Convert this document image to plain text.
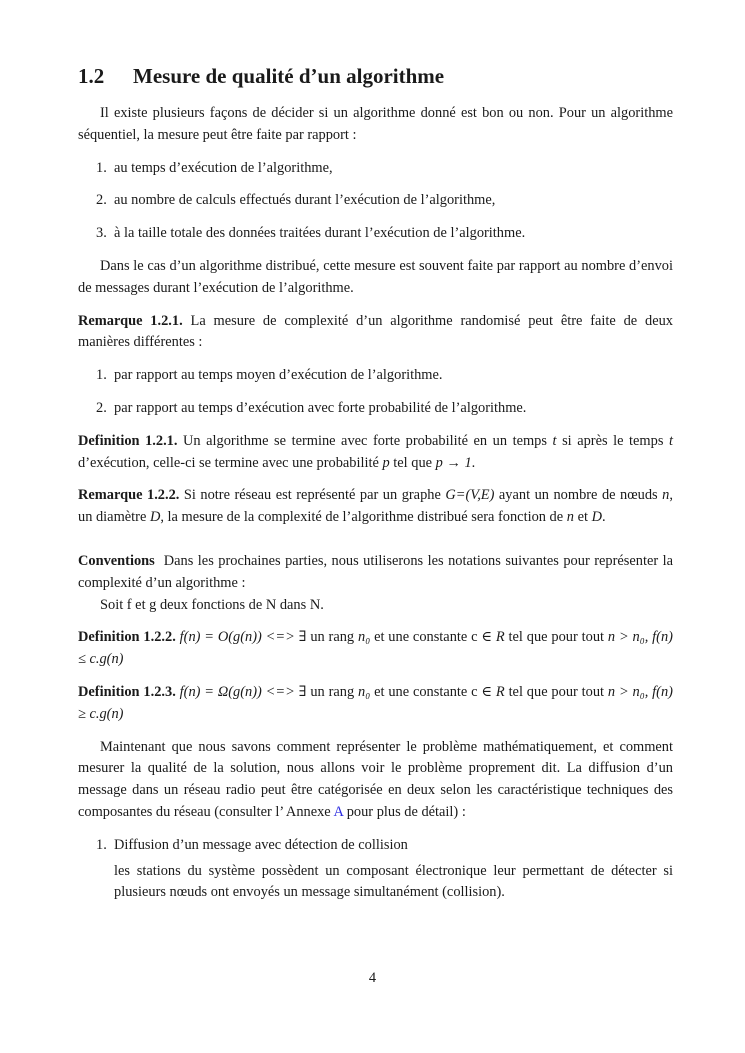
1.2 Mesure de qualité d’un algorithme

Il existe plusieurs façons de décider si un algorithme donné est bon ou non. Pour un algorithme séquentiel, la mesure peut être faite par rapport :

1. au temps d’exécution de l’algorithme,
2. au nombre de calculs effectués durant l’exécution de l’algorithme,
3. à la taille totale des données traitées durant l’exécution de l’algorithme.

Dans le cas d’un algorithme distribué, cette mesure est souvent faite par rapport au nombre d’envoi de messages durant l’exécution de l’algorithme.

Remarque 1.2.1. La mesure de complexité d’un algorithme randomisé peut être faite de deux manières différentes :

1. par rapport au temps moyen d’exécution de l’algorithme.
2. par rapport au temps d’exécution avec forte probabilité de l’algorithme.

Definition 1.2.1. Un algorithme se termine avec forte probabilité en un temps t si après le temps t d’exécution, celle-ci se termine avec une probabilité p tel que p → 1.

Remarque 1.2.2. Si notre réseau est représenté par un graphe G=(V,E) ayant un nombre de nœuds n, un diamètre D, la mesure de la complexité de l’algorithme distribué sera fonction de n et D.

Conventions Dans les prochaines parties, nous utiliserons les notations suivantes pour représenter la complexité d’un algorithme :

Soit f et g deux fonctions de N dans N.

Definition 1.2.2. f(n) = O(g(n)) <=> ∃ un rang n₀ et une constante c ∈ R tel que pour tout n > n₀, f(n) ≤ c.g(n)

Definition 1.2.3. f(n) = Ω(g(n)) <=> ∃ un rang n₀ et une constante c ∈ R tel que pour tout n > n₀, f(n) ≥ c.g(n)

Maintenant que nous savons comment représenter le problème mathématiquement, et comment mesurer la qualité de la solution, nous allons voir le problème proprement dit. La diffusion d’un message dans un réseau radio peut être catégorisée en deux selon les caractéristique techniques des composantes du réseau (consulter l’ Annexe A pour plus de détail) :

1. Diffusion d’un message avec détection de collision
les stations du système possèdent un composant électronique leur permettant de détecter si plusieurs nœuds ont envoyés un message simultanément (collision).
4
